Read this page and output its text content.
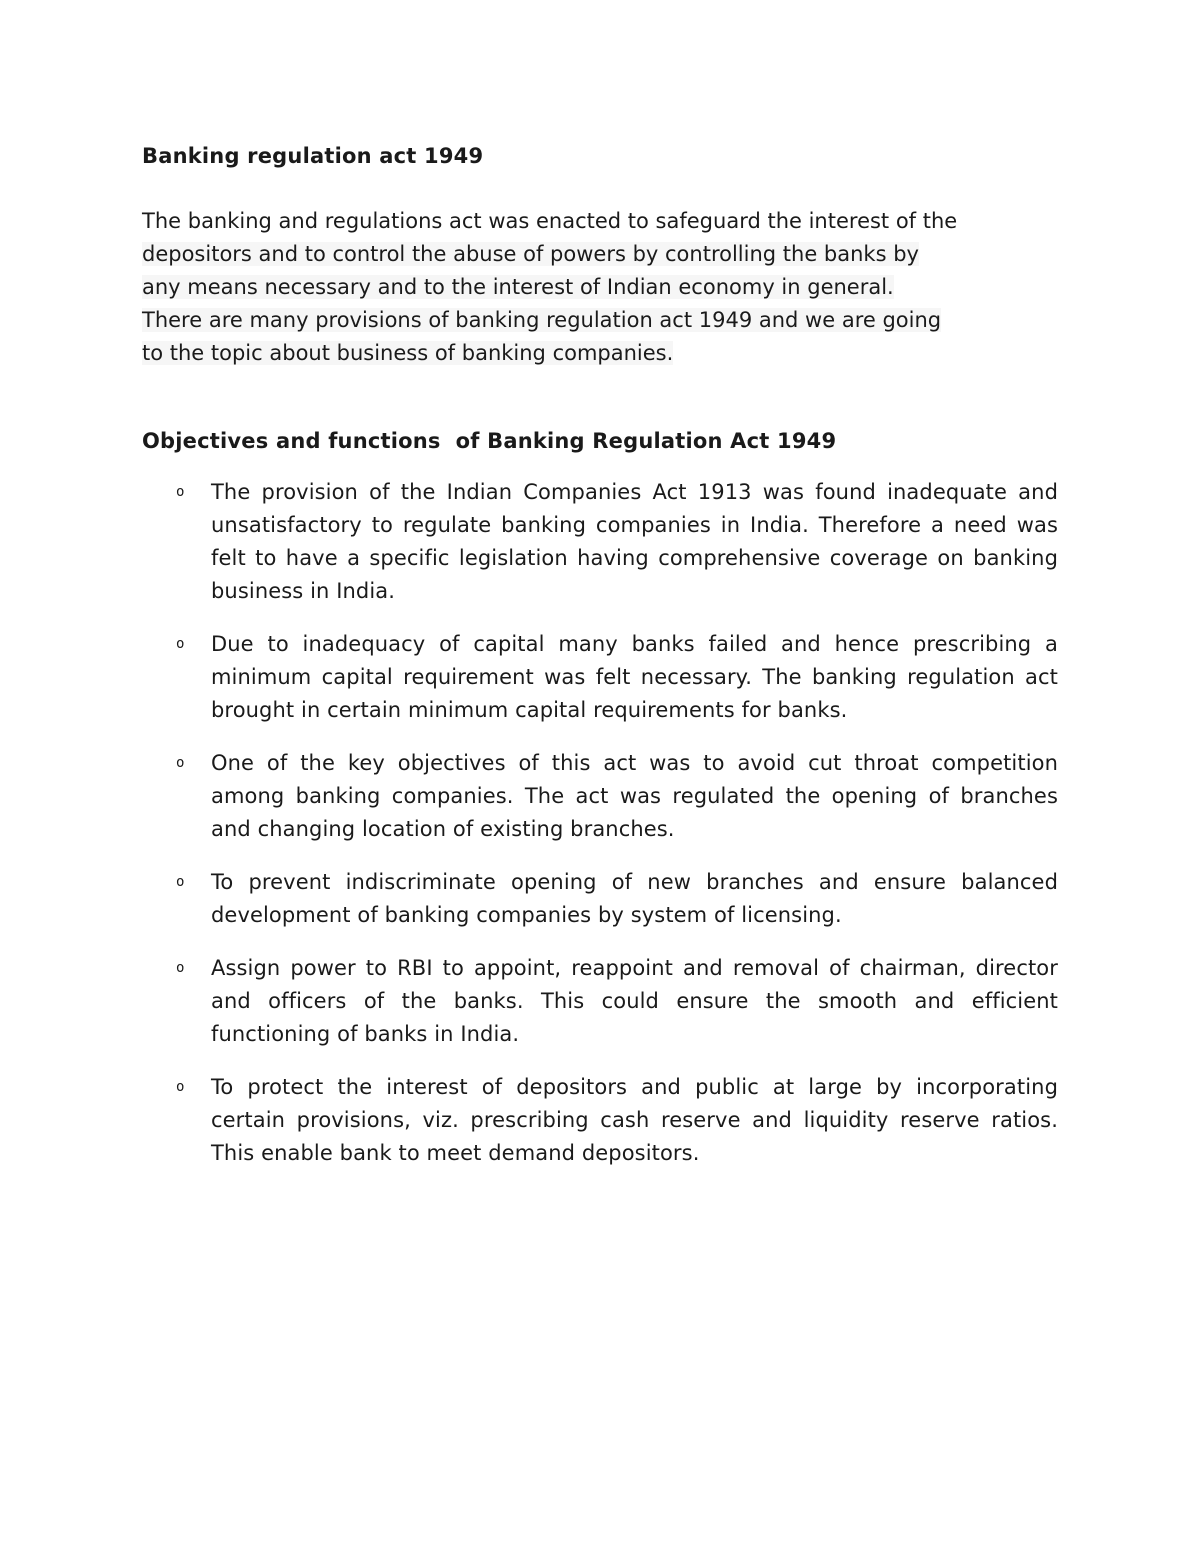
Banking regulation act 1949

The banking and regulations act was enacted to safeguard the interest of the
depositors and to control the abuse of powers by controlling the banks by
any means necessary and to the interest of Indian economy in general.
There are many provisions of banking regulation act 1949 and we are going
to the topic about business of banking companies.

Objectives and functions  of Banking Regulation Act 1949
o The provision of the Indian Companies Act 1913 was found inadequate and unsatisfactory to regulate banking companies in India. Therefore a need was felt to have a specific legislation having comprehensive coverage on banking business in India.
o Due to inadequacy of capital many banks failed and hence prescribing a minimum capital requirement was felt necessary. The banking regulation act brought in certain minimum capital requirements for banks.
o One of the key objectives of this act was to avoid cut throat competition among banking companies. The act was regulated the opening of branches and changing location of existing branches.
o To prevent indiscriminate opening of new branches and ensure balanced development of banking companies by system of licensing.
o Assign power to RBI to appoint, reappoint and removal of chairman, director and officers of the banks. This could ensure the smooth and efficient functioning of banks in India.
o To protect the interest of depositors and public at large by incorporating certain provisions, viz. prescribing cash reserve and liquidity reserve ratios. This enable bank to meet demand depositors.
